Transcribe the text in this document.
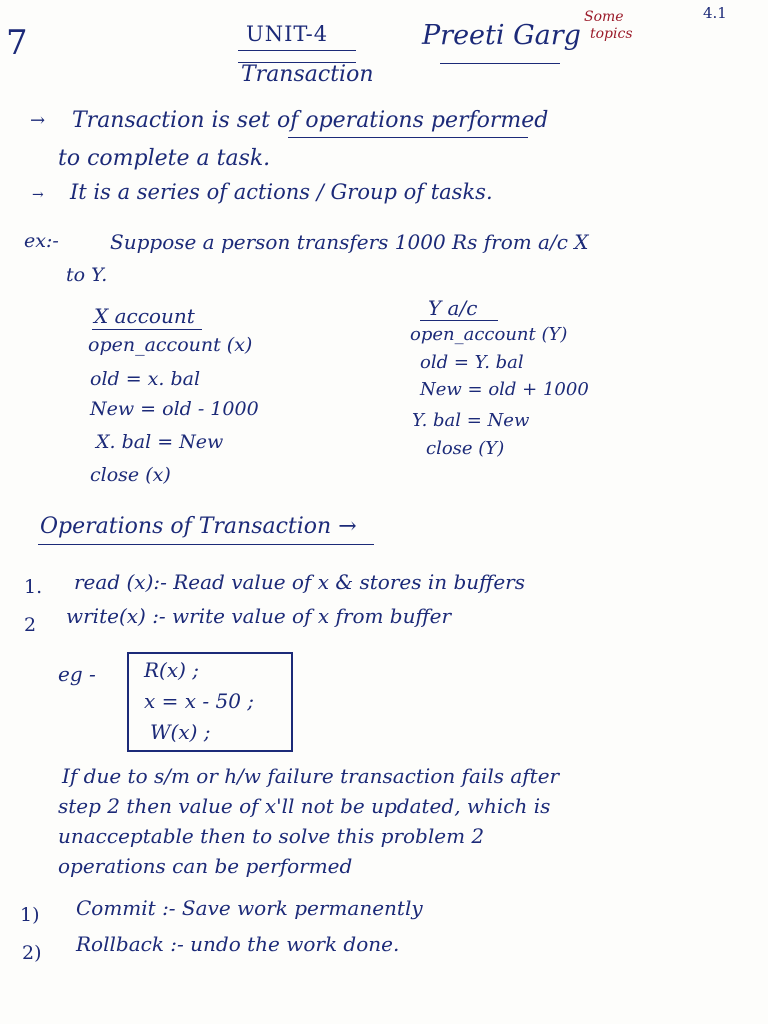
7
4.1
UNIT-4	Preeti Garg
Some
topics
Transaction
→ Transaction is set of operations performed
to complete a task.
→ It is a series of actions / Group of tasks.
ex:-	Suppose a person transfers 1000 Rs from a/c X
to Y.
X account
open_account (x)
old = x. bal
New = old - 1000
X. bal = New
close (x)
Y a/c
open_account (Y)
old = Y. bal
New = old + 1000
Y. bal = New
close (Y)
Operations of Transaction →
1. read (x):- Read value of x & stores in buffers
2 write(x) :- write value of x from buffer
eg - R(x) ;
x = x - 50 ;
W(x) ;
If due to s/m or h/w failure transaction fails after
step 2 then value of x'll not be updated, which is
unacceptable then to solve this problem 2
operations can be performed
1) Commit :- Save work permanently
2) Rollback :- undo the work done.
